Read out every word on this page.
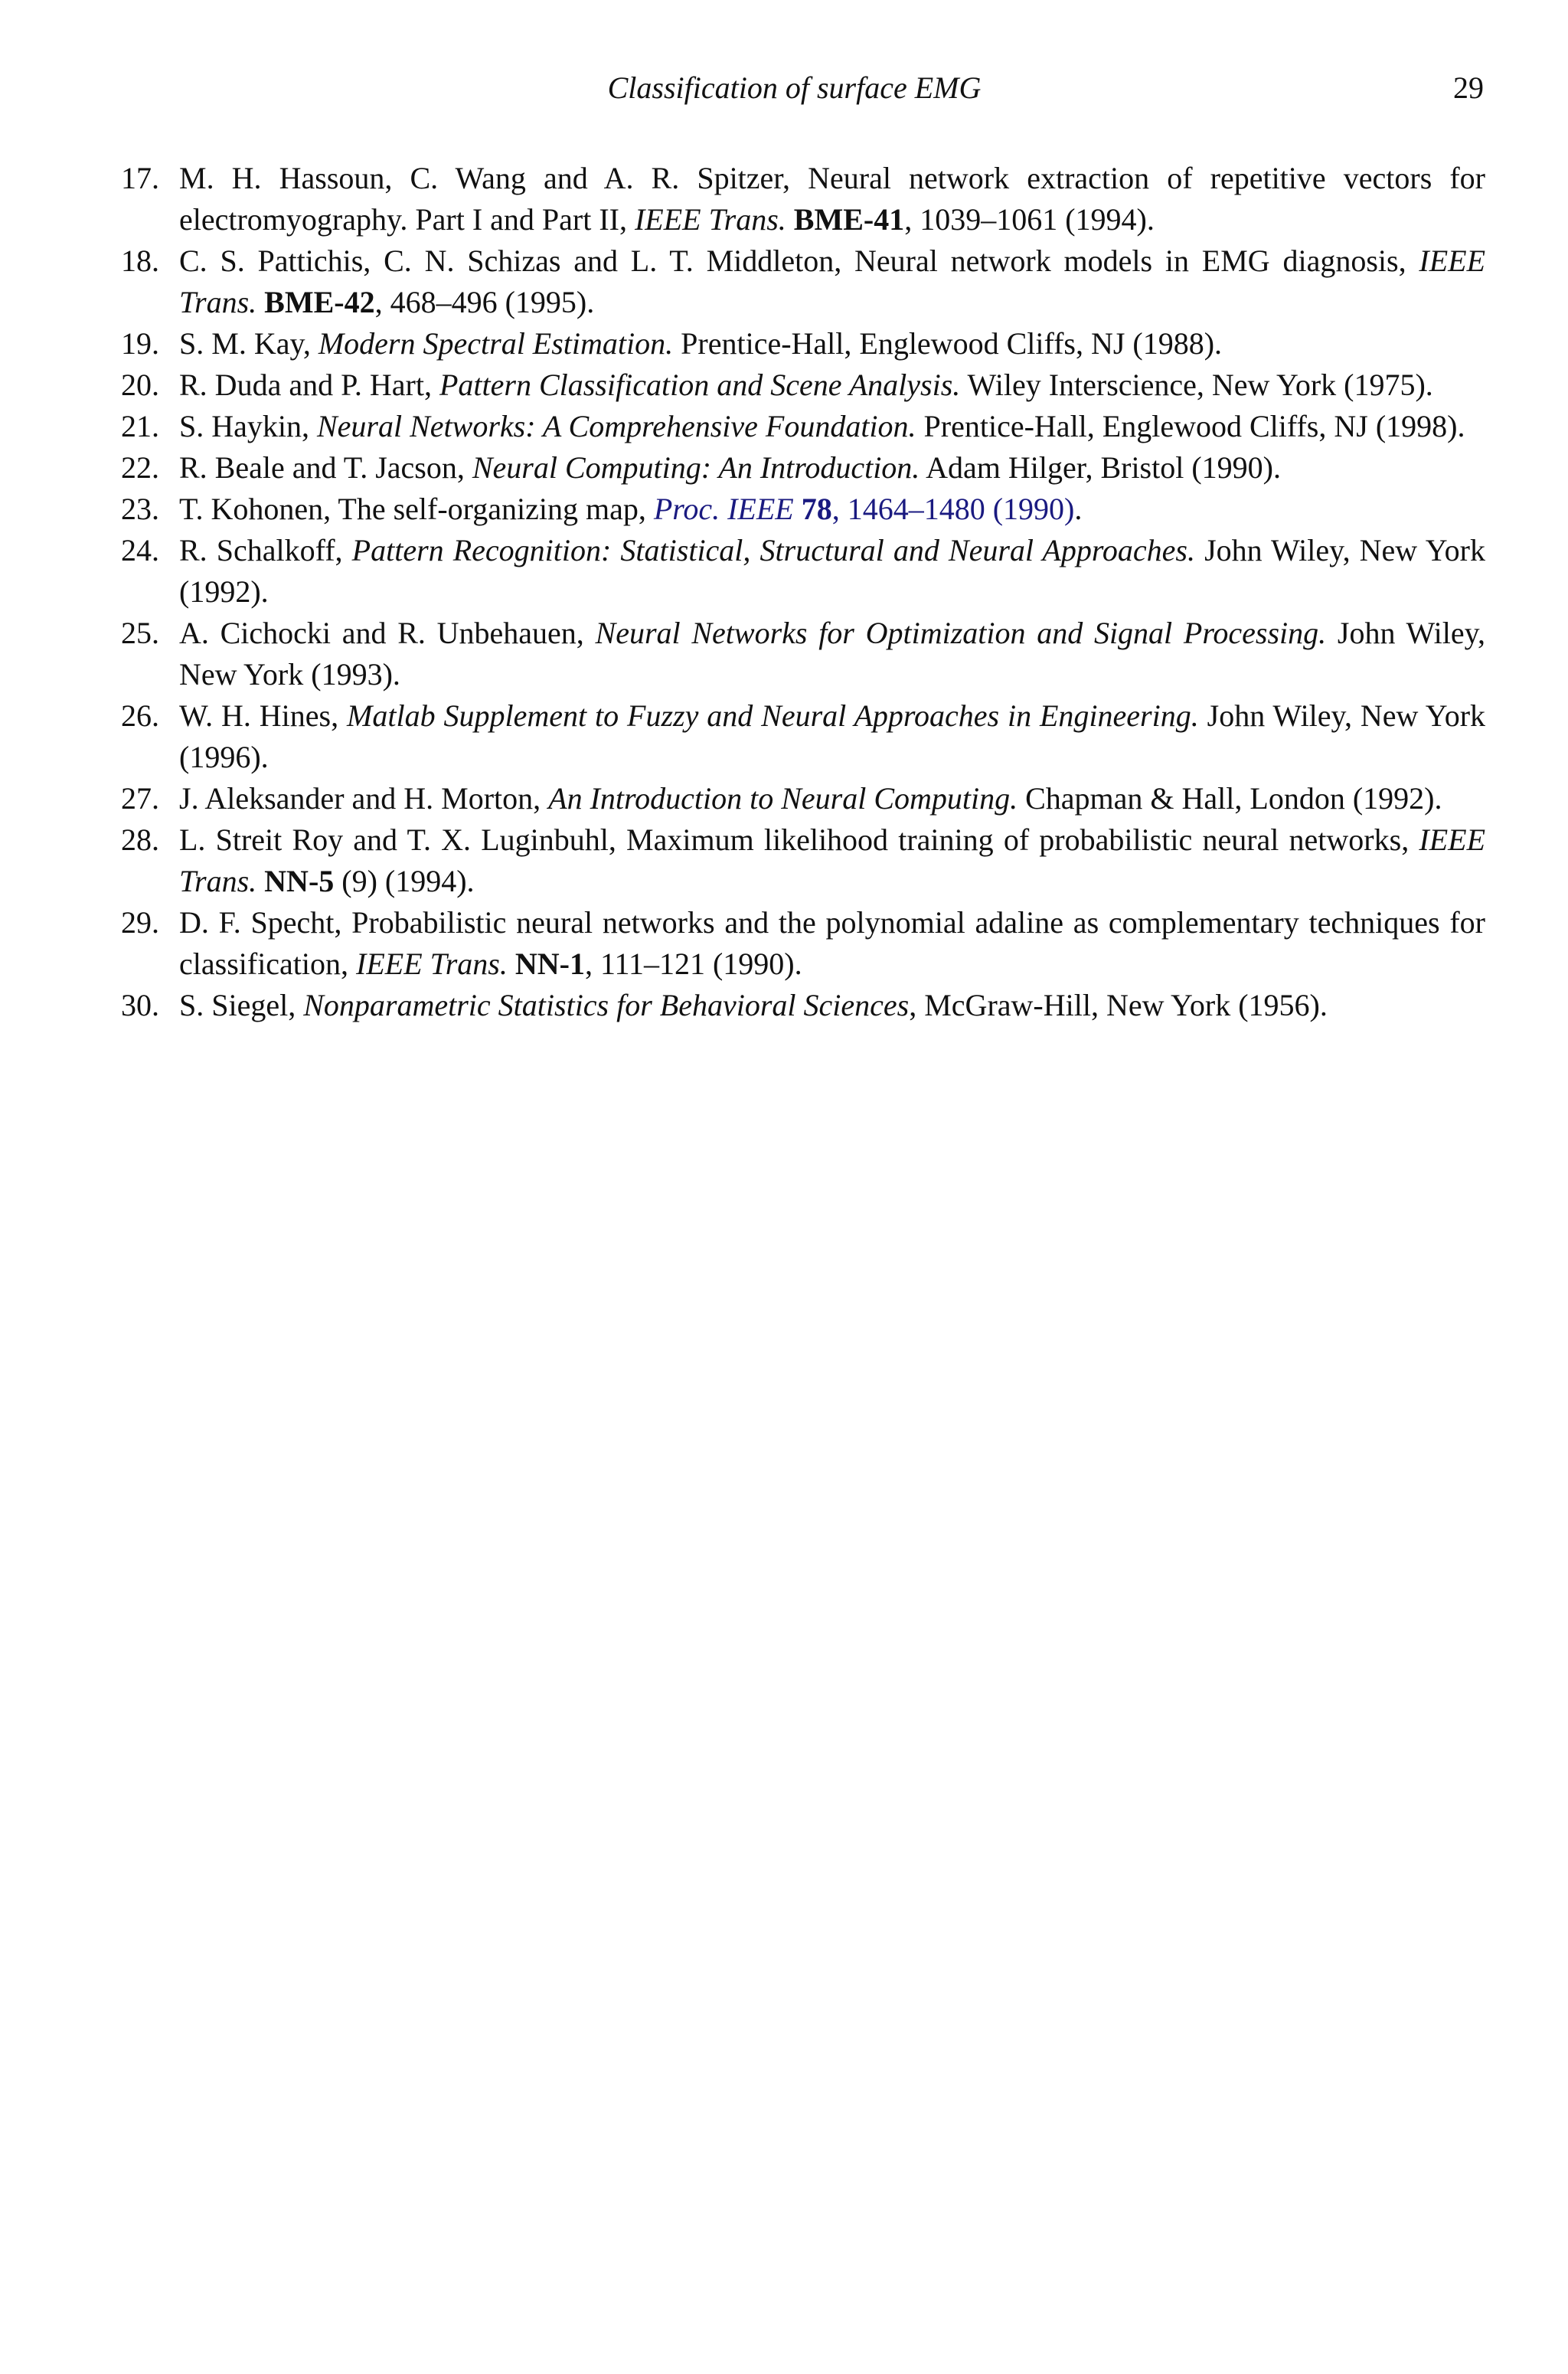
Classification of surface EMG	29
17. M. H. Hassoun, C. Wang and A. R. Spitzer, Neural network extraction of repetitive vectors for electromyography. Part I and Part II, IEEE Trans. BME-41, 1039–1061 (1994).
18. C. S. Pattichis, C. N. Schizas and L. T. Middleton, Neural network models in EMG diagnosis, IEEE Trans. BME-42, 468–496 (1995).
19. S. M. Kay, Modern Spectral Estimation. Prentice-Hall, Englewood Cliffs, NJ (1988).
20. R. Duda and P. Hart, Pattern Classification and Scene Analysis. Wiley Interscience, New York (1975).
21. S. Haykin, Neural Networks: A Comprehensive Foundation. Prentice-Hall, Englewood Cliffs, NJ (1998).
22. R. Beale and T. Jacson, Neural Computing: An Introduction. Adam Hilger, Bristol (1990).
23. T. Kohonen, The self-organizing map, Proc. IEEE 78, 1464–1480 (1990).
24. R. Schalkoff, Pattern Recognition: Statistical, Structural and Neural Approaches. John Wiley, New York (1992).
25. A. Cichocki and R. Unbehauen, Neural Networks for Optimization and Signal Processing. John Wiley, New York (1993).
26. W. H. Hines, Matlab Supplement to Fuzzy and Neural Approaches in Engineering. John Wiley, New York (1996).
27. J. Aleksander and H. Morton, An Introduction to Neural Computing. Chapman & Hall, London (1992).
28. L. Streit Roy and T. X. Luginbuhl, Maximum likelihood training of probabilistic neural networks, IEEE Trans. NN-5 (9) (1994).
29. D. F. Specht, Probabilistic neural networks and the polynomial adaline as complementary techniques for classification, IEEE Trans. NN-1, 111–121 (1990).
30. S. Siegel, Nonparametric Statistics for Behavioral Sciences, McGraw-Hill, New York (1956).
